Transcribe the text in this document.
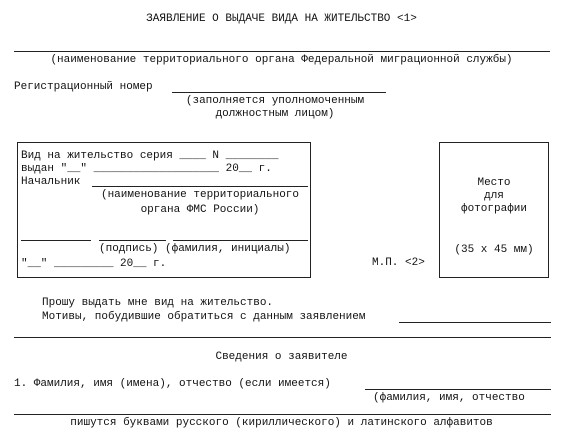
ЗАЯВЛЕНИЕ О ВЫДАЧЕ ВИДА НА ЖИТЕЛЬСТВО <1>
(наименование территориального органа Федеральной миграционной службы)
Регистрационный номер
(заполняется уполномоченным
должностным лицом)
Вид на жительство серия ____ N ________
выдан "__" ___________________ 20__ г.
Начальник
(наименование территориального
органа ФМС России)
(подпись) (фамилия, инициалы)
"__" _________ 20__ г.	М.П. <2>
Место
для
фотографии
(35 x 45 мм)
Прошу выдать мне вид на жительство.
Мотивы, побудившие обратиться с данным заявлением
Сведения о заявителе
1. Фамилия, имя (имена), отчество (если имеется)
(фамилия, имя, отчество
пишутся буквами русского (кириллического) и латинского алфавитов
